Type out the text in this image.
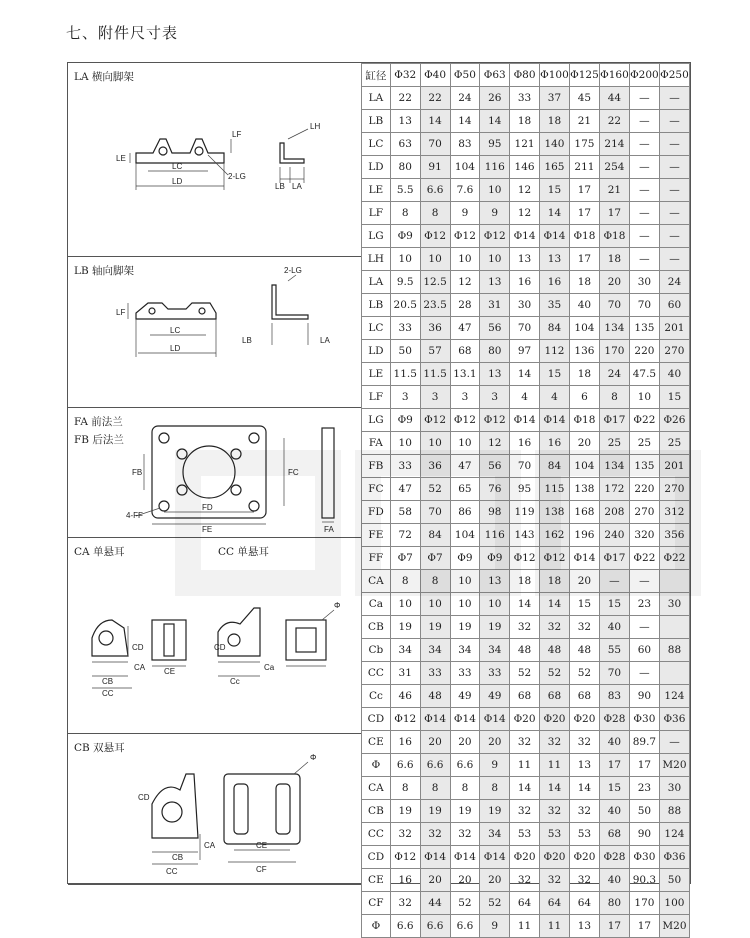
七、附件尺寸表
LA 横向脚架
LE
LF
LC
LD
2-LG
LB LA
LH
LB 轴向脚架
LF
LC
LD
2-LG
LB	LA
FA 前法兰
FB 后法兰
FB	FC
FD
FE
4-FF
FA
CA 单悬耳	CC 单悬耳
CD	CD
CA	Ca
CE
CB
CC
Cc
Φ
CB 双悬耳
CD
CA
CB
CC
CE
CF
Φ
缸径	Φ32	Φ40	Φ50	Φ63	Φ80	Φ100	Φ125	Φ160	Φ200	Φ250
LA	22	22	24	26	33	37	45	44	—	—
LB	13	14	14	14	18	18	21	22	—	—
LC	63	70	83	95	121	140	175	214	—	—
LD	80	91	104	116	146	165	211	254	—	—
LE	5.5	6.6	7.6	10	12	15	17	21	—	—
LF	8	8	9	9	12	14	17	17	—	—
LG	Φ9	Φ12	Φ12	Φ12	Φ14	Φ14	Φ18	Φ18	—	—
LH	10	10	10	10	13	13	17	18	—	—
LA	9.5	12.5	12	13	16	16	18	20	30	24
LB	20.5	23.5	28	31	30	35	40	70	70	60
LC	33	36	47	56	70	84	104	134	135	201
LD	50	57	68	80	97	112	136	170	220	270
LE	11.5	11.5	13.1	13	14	15	18	24	47.5	40
LF	3	3	3	3	4	4	6	8	10	15
LG	Φ9	Φ12	Φ12	Φ12	Φ14	Φ14	Φ18	Φ17	Φ22	Φ26
FA	10	10	10	12	16	16	20	25	25	25
FB	33	36	47	56	70	84	104	134	135	201
FC	47	52	65	76	95	115	138	172	220	270
FD	58	70	86	98	119	138	168	208	270	312
FE	72	84	104	116	143	162	196	240	320	356
FF	Φ7	Φ7	Φ9	Φ9	Φ12	Φ12	Φ14	Φ17	Φ22	Φ22
CA	8	8	10	13	18	18	20	—	—	
Ca	10	10	10	10	14	14	15	15	23	30
CB	19	19	19	19	32	32	32	40	—	
Cb	34	34	34	34	48	48	48	55	60	88
CC	31	33	33	33	52	52	52	70	—	
Cc	46	48	49	49	68	68	68	83	90	124
CD	Φ12	Φ14	Φ14	Φ14	Φ20	Φ20	Φ20	Φ28	Φ30	Φ36
CE	16	20	20	20	32	32	32	40	89.7	—
Φ	6.6	6.6	6.6	9	11	11	13	17	17	M20
CA	8	8	8	8	14	14	14	15	23	30
CB	19	19	19	19	32	32	32	40	50	88
CC	32	32	32	34	53	53	53	68	90	124
CD	Φ12	Φ14	Φ14	Φ14	Φ20	Φ20	Φ20	Φ28	Φ30	Φ36
CE	16	20	20	20	32	32	32	40	90.3	50
CF	32	44	52	52	64	64	64	80	170	100
Φ	6.6	6.6	6.6	9	11	11	13	17	17	M20
